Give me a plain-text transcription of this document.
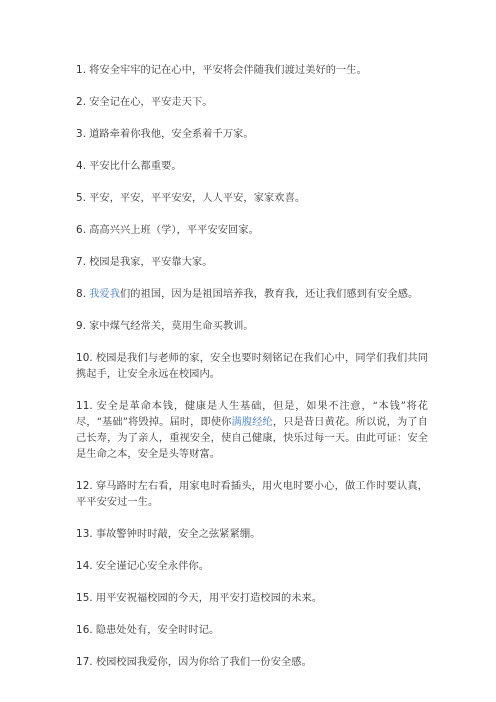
1. 将安全牢牢的记在心中，平安将会伴随我们渡过美好的一生。

2. 安全记在心，平安走天下。

3. 道路牵着你我他，安全系着千万家。

4. 平安比什么都重要。

5. 平安，平安，平平安安，人人平安，家家欢喜。

6. 高高兴兴上班（学），平平安安回家。

7. 校园是我家，平安靠大家。

8. 我爱我们的祖国，因为是祖国培养我，教育我，还让我们感到有安全感。

9. 家中煤气经常关，莫用生命买教训。

10. 校园是我们与老师的家，安全也要时刻铭记在我们心中，同学们我们共同携起手，让安全永远在校园内。

11. 安全是革命本钱，健康是人生基础，但是，如果不注意，“本钱”将花尽，“基础”将毁掉。届时，即使你满腹经纶，只是昔日黄花。所以说，为了自己长寿，为了亲人，重视安全，使自己健康，快乐过每一天。由此可证：安全是生命之本，安全是头等财富。

12. 穿马路时左右看，用家电时看插头，用火电时要小心，做工作时要认真，平平安安过一生。

13. 事故警钟时时敲，安全之弦紧紧绷。

14. 安全谨记心安全永伴你。

15. 用平安祝福校园的今天，用平安打造校园的未来。

16. 隐患处处有，安全时时记。

17. 校园校园我爱你，因为你给了我们一份安全感。
